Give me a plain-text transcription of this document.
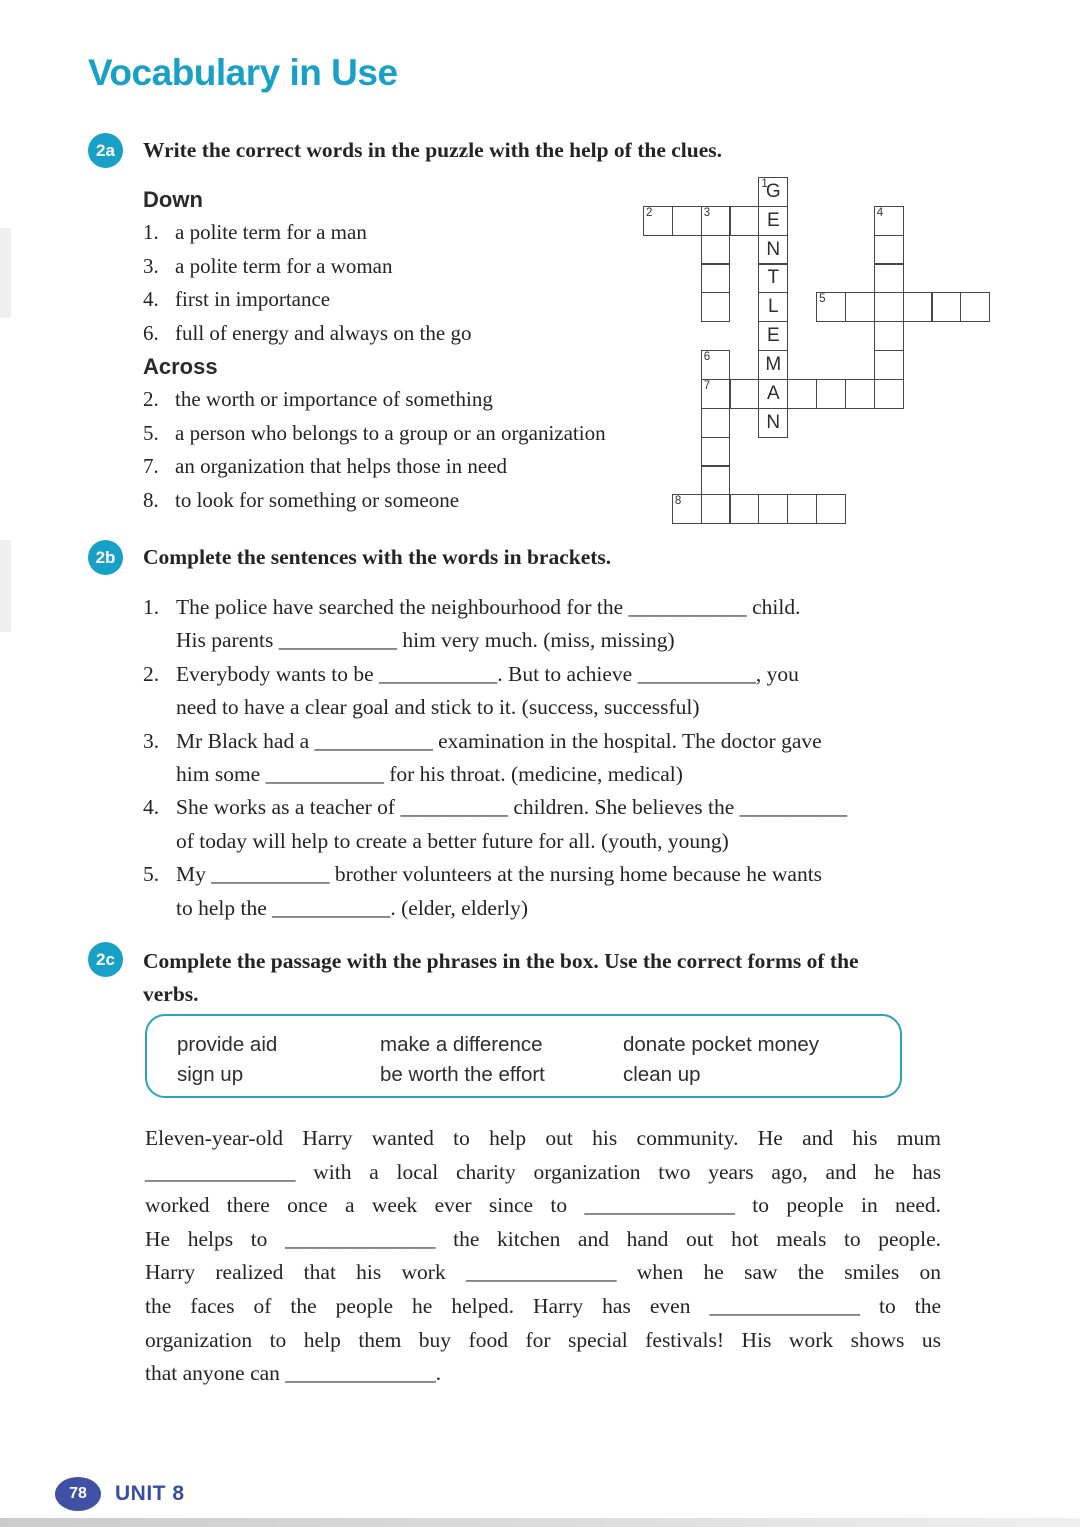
Vocabulary in Use
2a	Write the correct words in the puzzle with the help of the clues.

Down
1. a polite term for a man
3. a polite term for a woman
4. first in importance
6. full of energy and always on the go
Across
2. the worth or importance of something
5. a person who belongs to a group or an organization
7. an organization that helps those in need
8. to look for something or someone
1
G
2	3	E	4
N
T
L	5
E
6	M
7	A
N
8
2b	Complete the sentences with the words in brackets.

1. The police have searched the neighbourhood for the ___________ child.
His parents ___________ him very much. (miss, missing)
2. Everybody wants to be ___________. But to achieve ___________, you
need to have a clear goal and stick to it. (success, successful)
3. Mr Black had a ___________ examination in the hospital. The doctor gave
him some ___________ for his throat. (medicine, medical)
4. She works as a teacher of __________ children. She believes the __________
of today will help to create a better future for all. (youth, young)
5. My ___________ brother volunteers at the nursing home because he wants
to help the ___________. (elder, elderly)
2c	Complete the passage with the phrases in the box. Use the correct forms of the
verbs.
provide aid
sign up
make a difference
be worth the effort
donate pocket money
clean up
Eleven-year-old Harry wanted to help out his community. He and his mum
______________ with a local charity organization two years ago, and he has
worked there once a week ever since to ______________ to people in need.
He helps to ______________ the kitchen and hand out hot meals to people.
Harry realized that his work ______________ when he saw the smiles on
the faces of the people he helped. Harry has even ______________ to the
organization to help them buy food for special festivals! His work shows us
that anyone can ______________.
78	UNIT 8
